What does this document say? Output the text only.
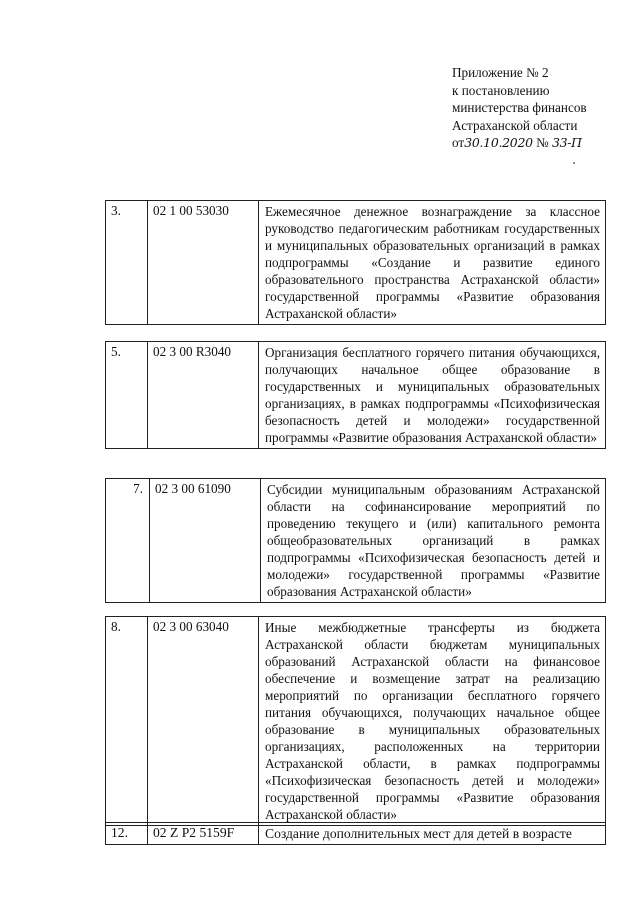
Приложение № 2
к постановлению
министерства финансов
Астраханской области
от30.10.2020 № 33-П
3.	02 1 00 53030	Ежемесячное денежное вознаграждение за классное руководство педагогическим работникам государственных и муниципальных образовательных организаций в рамках подпрограммы «Создание и развитие единого образовательного пространства Астраханской области» государственной программы «Развитие образования Астраханской области»
5.	02 3 00 R3040	Организация бесплатного горячего питания обучающихся, получающих начальное общее образование в государственных и муниципальных образовательных организациях, в рамках подпрограммы «Психофизическая безопасность детей и молодежи» государственной программы «Развитие образования Астраханской области»
7.	02 3 00 61090	Субсидии муниципальным образованиям Астраханской области на софинансирование мероприятий по проведению текущего и (или) капитального ремонта общеобразовательных организаций в рамках подпрограммы «Психофизическая безопасность детей и молодежи» государственной программы «Развитие образования Астраханской области»
8.	02 3 00 63040	Иные межбюджетные трансферты из бюджета Астраханской области бюджетам муниципальных образований Астраханской области на финансовое обеспечение и возмещение затрат на реализацию мероприятий по организации бесплатного горячего питания обучающихся, получающих начальное общее образование в муниципальных образовательных организациях, расположенных на территории Астраханской области, в рамках подпрограммы «Психофизическая безопасность детей и молодежи» государственной программы «Развитие образования Астраханской области»
12.	02 Z P2 5159F	Создание дополнительных мест для детей в возрасте
